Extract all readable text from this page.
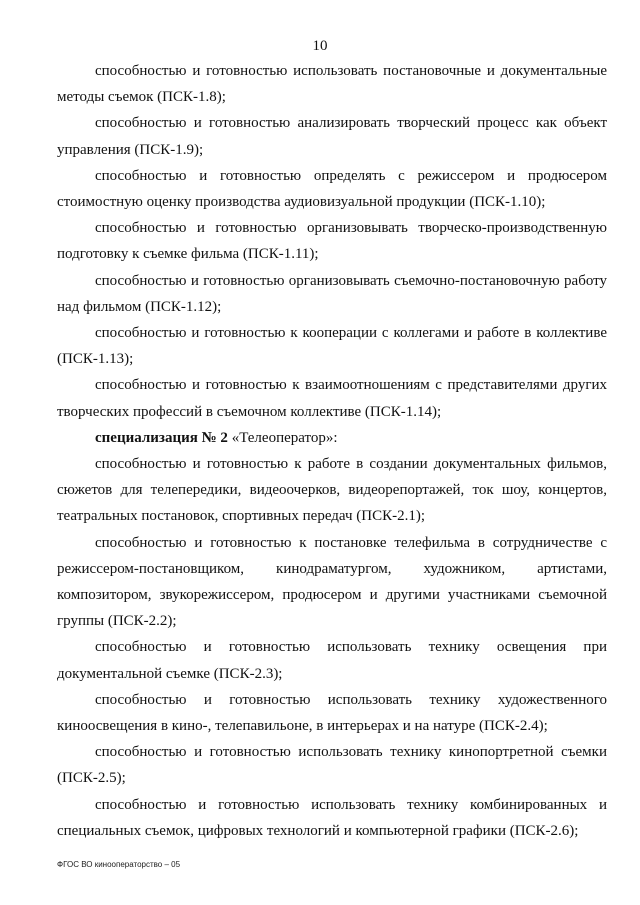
10

способностью и готовностью использовать постановочные и документальные методы съемок (ПСК-1.8);

способностью и готовностью анализировать творческий процесс как объект управления (ПСК-1.9);

способностью и готовностью определять с режиссером и продюсером стоимостную оценку производства аудиовизуальной продукции (ПСК-1.10);

способностью и готовностью организовывать творческо-производственную подготовку к съемке фильма (ПСК-1.11);

способностью и готовностью организовывать съемочно-постановочную работу над фильмом (ПСК-1.12);

способностью и готовностью к кооперации с коллегами и работе в коллективе (ПСК-1.13);

способностью и готовностью к взаимоотношениям с представителями других творческих профессий в съемочном коллективе (ПСК-1.14);

специализация № 2 «Телеоператор»:

способностью и готовностью к работе в создании документальных фильмов, сюжетов для телепередики, видеоочерков, видеорепортажей, ток шоу, концертов, театральных постановок, спортивных передач (ПСК-2.1);

способностью и готовностью к постановке телефильма в сотрудничестве с режиссером-постановщиком, кинодраматургом, художником, артистами, композитором, звукорежиссером, продюсером и другими участниками съемочной группы (ПСК-2.2);

способностью и готовностью использовать технику освещения при документальной съемке (ПСК-2.3);

способностью и готовностью использовать технику художественного киноосвещения в кино-, телепавильоне, в интерьерах и на натуре (ПСК-2.4);

способностью и готовностью использовать технику кинопортретной съемки (ПСК-2.5);

способностью и готовностью использовать технику комбинированных и специальных съемок, цифровых технологий и компьютерной графики (ПСК-2.6);

ФГОС ВО кинооператорство – 05
